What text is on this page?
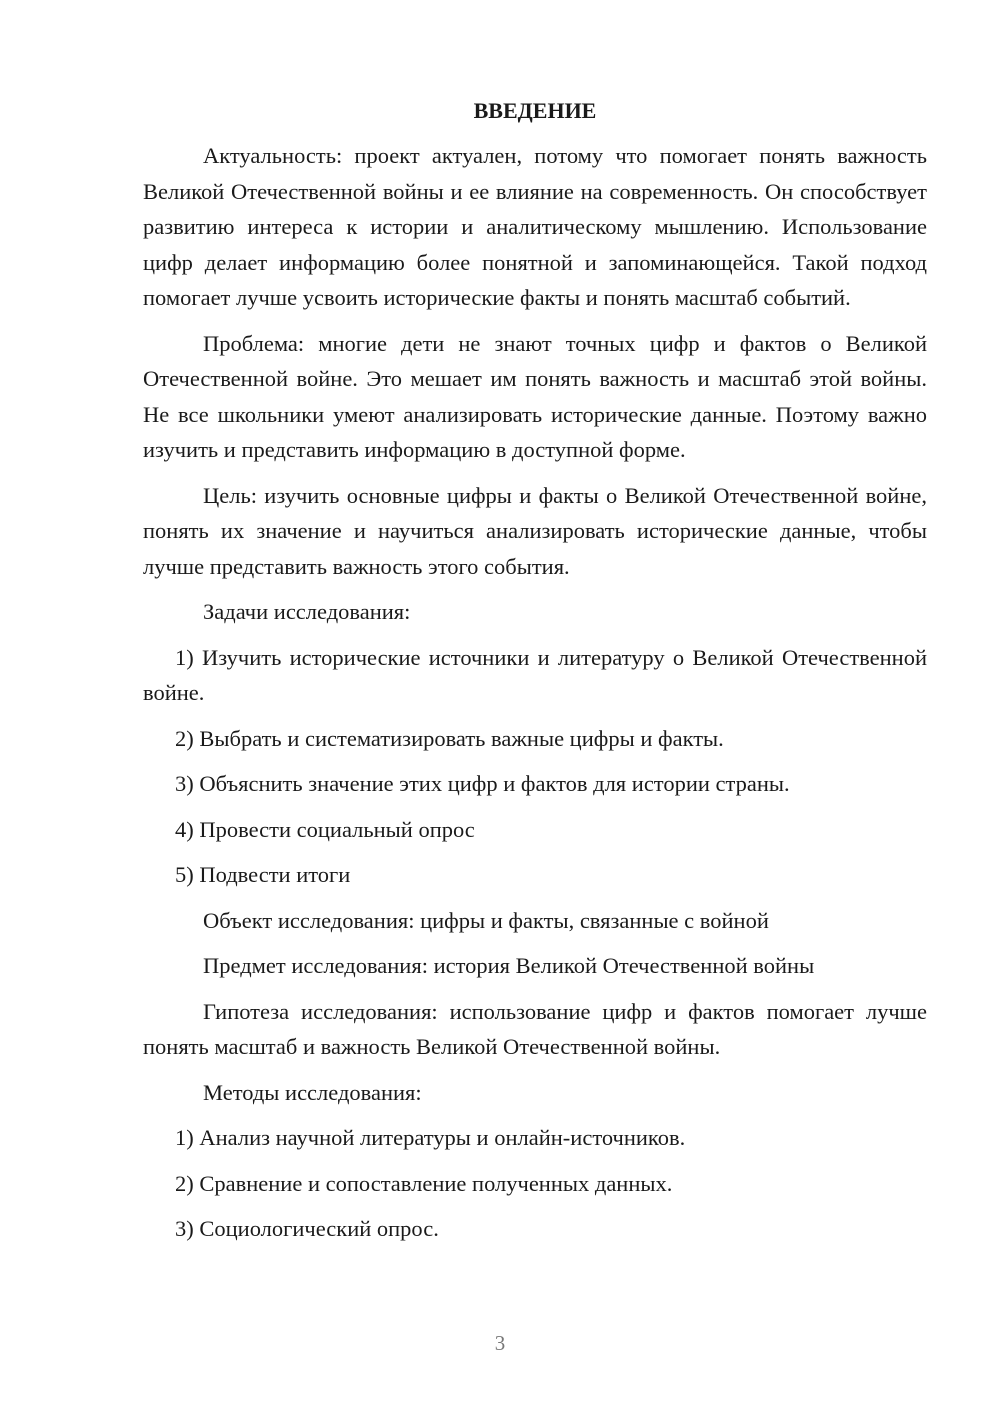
ВВЕДЕНИЕ

Актуальность: проект актуален, потому что помогает понять важность Великой Отечественной войны и ее влияние на современность. Он способствует развитию интереса к истории и аналитическому мышлению. Использование цифр делает информацию более понятной и запоминающейся. Такой подход помогает лучше усвоить исторические факты и понять масштаб событий.

Проблема: многие дети не знают точных цифр и фактов о Великой Отечественной войне. Это мешает им понять важность и масштаб этой войны. Не все школьники умеют анализировать исторические данные. Поэтому важно изучить и представить информацию в доступной форме.

Цель: изучить основные цифры и факты о Великой Отечественной войне, понять их значение и научиться анализировать исторические данные, чтобы лучше представить важность этого события.

Задачи исследования:
1) Изучить исторические источники и литературу о Великой Отечественной войне.
2) Выбрать и систематизировать важные цифры и факты.
3) Объяснить значение этих цифр и фактов для истории страны.
4) Провести социальный опрос
5) Подвести итоги
Объект исследования: цифры и факты, связанные с войной
Предмет исследования: история Великой Отечественной войны

Гипотеза исследования: использование цифр и фактов помогает лучше понять масштаб и важность Великой Отечественной войны.

Методы исследования:
1) Анализ научной литературы и онлайн-источников.
2) Сравнение и сопоставление полученных данных.
3) Социологический опрос.
3
